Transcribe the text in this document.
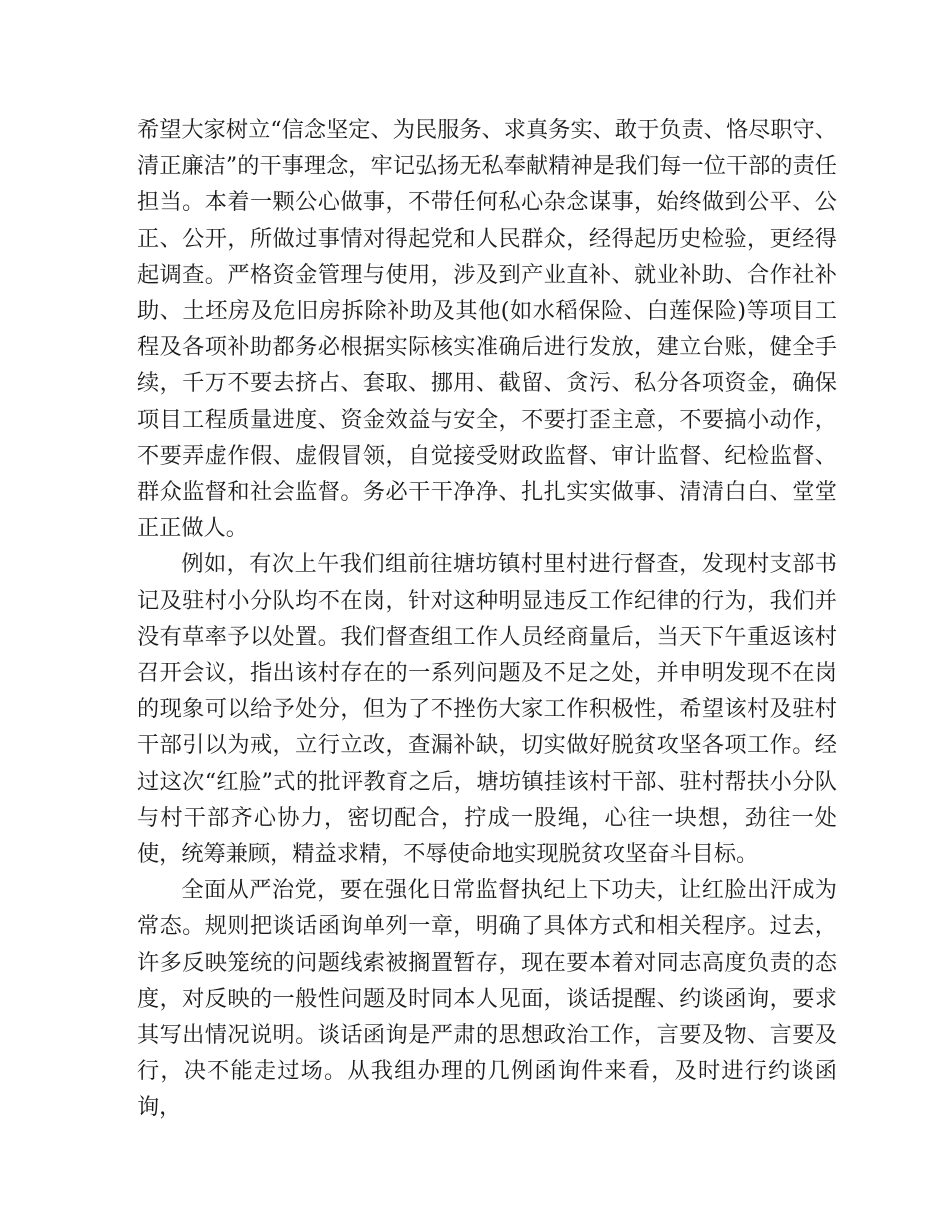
希望大家树立“信念坚定、为民服务、求真务实、敢于负责、恪尽职守、清正廉洁”的干事理念，牢记弘扬无私奉献精神是我们每一位干部的责任担当。本着一颗公心做事，不带任何私心杂念谋事，始终做到公平、公正、公开，所做过事情对得起党和人民群众，经得起历史检验，更经得起调查。严格资金管理与使用，涉及到产业直补、就业补助、合作社补助、土坯房及危旧房拆除补助及其他(如水稻保险、白莲保险)等项目工程及各项补助都务必根据实际核实准确后进行发放，建立台账，健全手续，千万不要去挤占、套取、挪用、截留、贪污、私分各项资金，确保项目工程质量进度、资金效益与安全，不要打歪主意，不要搞小动作，不要弄虚作假、虚假冒领，自觉接受财政监督、审计监督、纪检监督、群众监督和社会监督。务必干干净净、扎扎实实做事、清清白白、堂堂正正做人。

例如，有次上午我们组前往塘坊镇村里村进行督查，发现村支部书记及驻村小分队均不在岗，针对这种明显违反工作纪律的行为，我们并没有草率予以处置。我们督查组工作人员经商量后，当天下午重返该村召开会议，指出该村存在的一系列问题及不足之处，并申明发现不在岗的现象可以给予处分，但为了不挫伤大家工作积极性，希望该村及驻村干部引以为戒，立行立改，查漏补缺，切实做好脱贫攻坚各项工作。经过这次“红脸”式的批评教育之后，塘坊镇挂该村干部、驻村帮扶小分队与村干部齐心协力，密切配合，拧成一股绳，心往一块想，劲往一处使，统筹兼顾，精益求精，不辱使命地实现脱贫攻坚奋斗目标。

全面从严治党，要在强化日常监督执纪上下功夫，让红脸出汗成为常态。规则把谈话函询单列一章，明确了具体方式和相关程序。过去，许多反映笼统的问题线索被搁置暂存，现在要本着对同志高度负责的态度，对反映的一般性问题及时同本人见面，谈话提醒、约谈函询，要求其写出情况说明。谈话函询是严肃的思想政治工作，言要及物、言要及行，决不能走过场。从我组办理的几例函询件来看，及时进行约谈函询，
